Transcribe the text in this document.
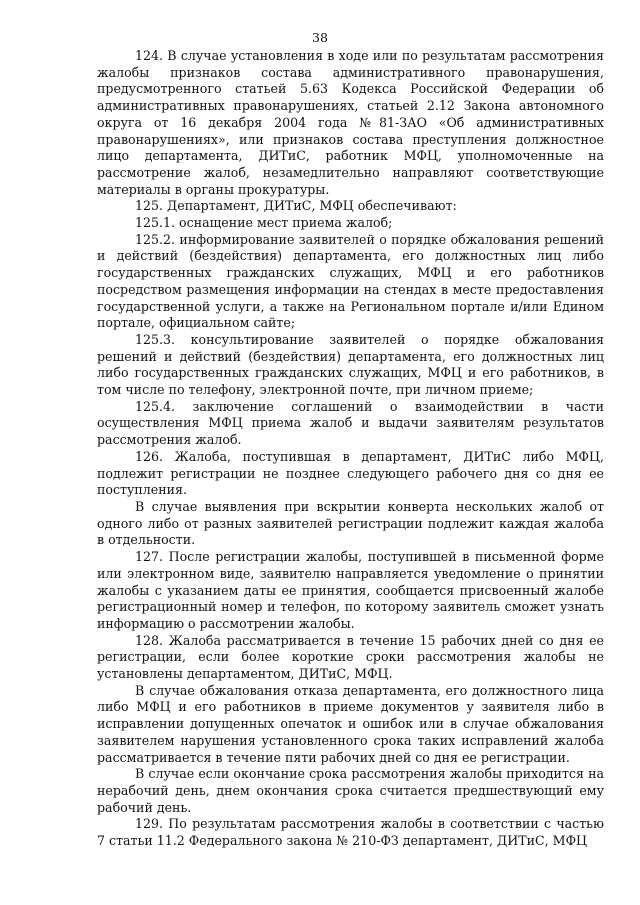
38

124. В случае установления в ходе или по результатам рассмотрения жалобы признаков состава административного правонарушения, предусмотренного статьей 5.63 Кодекса Российской Федерации об административных правонарушениях, статьей 2.12 Закона автономного округа от 16 декабря 2004 года №81-ЗАО «Об административных правонарушениях», или признаков состава преступления должностное лицо департамента, ДИТиС, работник МФЦ, уполномоченные на рассмотрение жалоб, незамедлительно направляют соответствующие материалы в органы прокуратуры.

125. Департамент, ДИТиС, МФЦ обеспечивают:

125.1. оснащение мест приема жалоб;

125.2. информирование заявителей о порядке обжалования решений и действий (бездействия) департамента, его должностных лиц либо государственных гражданских служащих, МФЦ и его работников посредством размещения информации на стендах в месте предоставления государственной услуги, а также на Региональном портале и/или Едином портале, официальном сайте;

125.3. консультирование заявителей о порядке обжалования решений и действий (бездействия) департамента, его должностных лиц либо государственных гражданских служащих, МФЦ и его работников, в том числе по телефону, электронной почте, при личном приеме;

125.4. заключение соглашений о взаимодействии в части осуществления МФЦ приема жалоб и выдачи заявителям результатов рассмотрения жалоб.

126. Жалоба, поступившая в департамент, ДИТиС либо МФЦ, подлежит регистрации не позднее следующего рабочего дня со дня ее поступления.

В случае выявления при вскрытии конверта нескольких жалоб от одного либо от разных заявителей регистрации подлежит каждая жалоба в отдельности.

127. После регистрации жалобы, поступившей в письменной форме или электронном виде, заявителю направляется уведомление о принятии жалобы с указанием даты ее принятия, сообщается присвоенный жалобе регистрационный номер и телефон, по которому заявитель сможет узнать информацию о рассмотрении жалобы.

128. Жалоба рассматривается в течение 15 рабочих дней со дня ее регистрации, если более короткие сроки рассмотрения жалобы не установлены департаментом, ДИТиС, МФЦ.

В случае обжалования отказа департамента, его должностного лица либо МФЦ и его работников в приеме документов у заявителя либо в исправлении допущенных опечаток и ошибок или в случае обжалования заявителем нарушения установленного срока таких исправлений жалоба рассматривается в течение пяти рабочих дней со дня ее регистрации.

В случае если окончание срока рассмотрения жалобы приходится на нерабочий день, днем окончания срока считается предшествующий ему рабочий день.

129. По результатам рассмотрения жалобы в соответствии с частью 7 статьи 11.2 Федерального закона № 210-ФЗ департамент, ДИТиС, МФЦ
